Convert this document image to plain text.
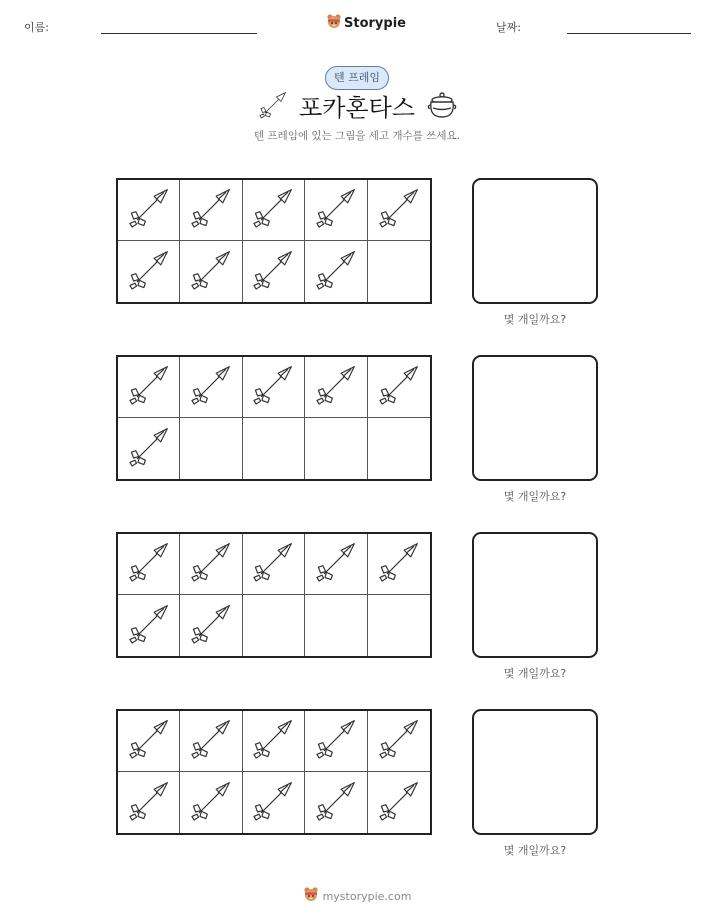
이름:	Storypie	날짜:
텐 프레임
포카혼타스
텐 프레임에 있는 그림을 세고 개수를 쓰세요.
몇 개일까요?
몇 개일까요?
몇 개일까요?
몇 개일까요?
mystorypie.com
